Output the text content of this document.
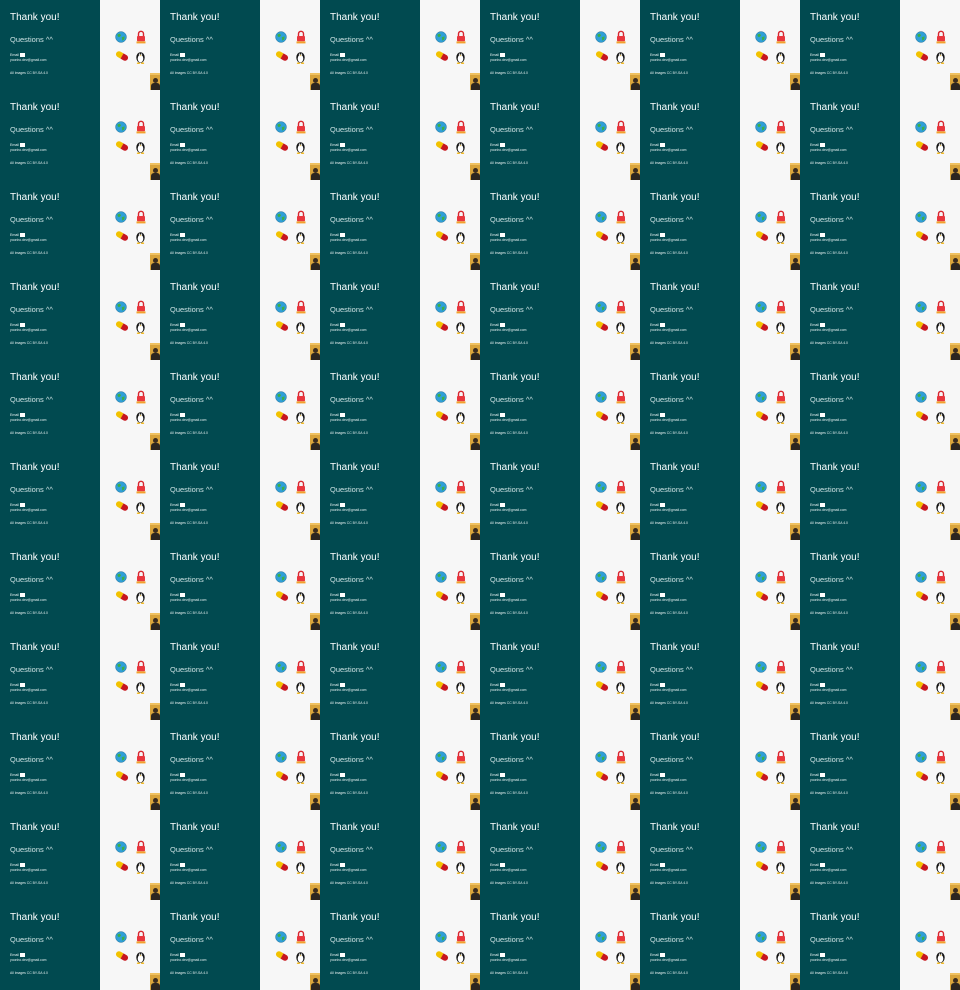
Thank you!
Questions ^^
Email
yoonho.dev@gmail.com
All Images CC BY-SA 4.0
Thank you!
Questions ^^
Email
yoonho.dev@gmail.com
All Images CC BY-SA 4.0
Thank you!
Questions ^^
Email
yoonho.dev@gmail.com
All Images CC BY-SA 4.0
Thank you!
Questions ^^
Email
yoonho.dev@gmail.com
All Images CC BY-SA 4.0
Thank you!
Questions ^^
Email
yoonho.dev@gmail.com
All Images CC BY-SA 4.0
Thank you!
Questions ^^
Email
yoonho.dev@gmail.com
All Images CC BY-SA 4.0
Thank you!
Questions ^^
Email
yoonho.dev@gmail.com
All Images CC BY-SA 4.0
Thank you!
Questions ^^
Email
yoonho.dev@gmail.com
All Images CC BY-SA 4.0
Thank you!
Questions ^^
Email
yoonho.dev@gmail.com
All Images CC BY-SA 4.0
Thank you!
Questions ^^
Email
yoonho.dev@gmail.com
All Images CC BY-SA 4.0
Thank you!
Questions ^^
Email
yoonho.dev@gmail.com
All Images CC BY-SA 4.0
Thank you!
Questions ^^
Email
yoonho.dev@gmail.com
All Images CC BY-SA 4.0
Thank you!
Questions ^^
Email
yoonho.dev@gmail.com
All Images CC BY-SA 4.0
Thank you!
Questions ^^
Email
yoonho.dev@gmail.com
All Images CC BY-SA 4.0
Thank you!
Questions ^^
Email
yoonho.dev@gmail.com
All Images CC BY-SA 4.0
Thank you!
Questions ^^
Email
yoonho.dev@gmail.com
All Images CC BY-SA 4.0
Thank you!
Questions ^^
Email
yoonho.dev@gmail.com
All Images CC BY-SA 4.0
Thank you!
Questions ^^
Email
yoonho.dev@gmail.com
All Images CC BY-SA 4.0
Thank you!
Questions ^^
Email
yoonho.dev@gmail.com
All Images CC BY-SA 4.0
Thank you!
Questions ^^
Email
yoonho.dev@gmail.com
All Images CC BY-SA 4.0
Thank you!
Questions ^^
Email
yoonho.dev@gmail.com
All Images CC BY-SA 4.0
Thank you!
Questions ^^
Email
yoonho.dev@gmail.com
All Images CC BY-SA 4.0
Thank you!
Questions ^^
Email
yoonho.dev@gmail.com
All Images CC BY-SA 4.0
Thank you!
Questions ^^
Email
yoonho.dev@gmail.com
All Images CC BY-SA 4.0
Thank you!
Questions ^^
Email
yoonho.dev@gmail.com
All Images CC BY-SA 4.0
Thank you!
Questions ^^
Email
yoonho.dev@gmail.com
All Images CC BY-SA 4.0
Thank you!
Questions ^^
Email
yoonho.dev@gmail.com
All Images CC BY-SA 4.0
Thank you!
Questions ^^
Email
yoonho.dev@gmail.com
All Images CC BY-SA 4.0
Thank you!
Questions ^^
Email
yoonho.dev@gmail.com
All Images CC BY-SA 4.0
Thank you!
Questions ^^
Email
yoonho.dev@gmail.com
All Images CC BY-SA 4.0
Thank you!
Questions ^^
Email
yoonho.dev@gmail.com
All Images CC BY-SA 4.0
Thank you!
Questions ^^
Email
yoonho.dev@gmail.com
All Images CC BY-SA 4.0
Thank you!
Questions ^^
Email
yoonho.dev@gmail.com
All Images CC BY-SA 4.0
Thank you!
Questions ^^
Email
yoonho.dev@gmail.com
All Images CC BY-SA 4.0
Thank you!
Questions ^^
Email
yoonho.dev@gmail.com
All Images CC BY-SA 4.0
Thank you!
Questions ^^
Email
yoonho.dev@gmail.com
All Images CC BY-SA 4.0
Thank you!
Questions ^^
Email
yoonho.dev@gmail.com
All Images CC BY-SA 4.0
Thank you!
Questions ^^
Email
yoonho.dev@gmail.com
All Images CC BY-SA 4.0
Thank you!
Questions ^^
Email
yoonho.dev@gmail.com
All Images CC BY-SA 4.0
Thank you!
Questions ^^
Email
yoonho.dev@gmail.com
All Images CC BY-SA 4.0
Thank you!
Questions ^^
Email
yoonho.dev@gmail.com
All Images CC BY-SA 4.0
Thank you!
Questions ^^
Email
yoonho.dev@gmail.com
All Images CC BY-SA 4.0
Thank you!
Questions ^^
Email
yoonho.dev@gmail.com
All Images CC BY-SA 4.0
Thank you!
Questions ^^
Email
yoonho.dev@gmail.com
All Images CC BY-SA 4.0
Thank you!
Questions ^^
Email
yoonho.dev@gmail.com
All Images CC BY-SA 4.0
Thank you!
Questions ^^
Email
yoonho.dev@gmail.com
All Images CC BY-SA 4.0
Thank you!
Questions ^^
Email
yoonho.dev@gmail.com
All Images CC BY-SA 4.0
Thank you!
Questions ^^
Email
yoonho.dev@gmail.com
All Images CC BY-SA 4.0
Thank you!
Questions ^^
Email
yoonho.dev@gmail.com
All Images CC BY-SA 4.0
Thank you!
Questions ^^
Email
yoonho.dev@gmail.com
All Images CC BY-SA 4.0
Thank you!
Questions ^^
Email
yoonho.dev@gmail.com
All Images CC BY-SA 4.0
Thank you!
Questions ^^
Email
yoonho.dev@gmail.com
All Images CC BY-SA 4.0
Thank you!
Questions ^^
Email
yoonho.dev@gmail.com
All Images CC BY-SA 4.0
Thank you!
Questions ^^
Email
yoonho.dev@gmail.com
All Images CC BY-SA 4.0
Thank you!
Questions ^^
Email
yoonho.dev@gmail.com
All Images CC BY-SA 4.0
Thank you!
Questions ^^
Email
yoonho.dev@gmail.com
All Images CC BY-SA 4.0
Thank you!
Questions ^^
Email
yoonho.dev@gmail.com
All Images CC BY-SA 4.0
Thank you!
Questions ^^
Email
yoonho.dev@gmail.com
All Images CC BY-SA 4.0
Thank you!
Questions ^^
Email
yoonho.dev@gmail.com
All Images CC BY-SA 4.0
Thank you!
Questions ^^
Email
yoonho.dev@gmail.com
All Images CC BY-SA 4.0
Thank you!
Questions ^^
Email
yoonho.dev@gmail.com
All Images CC BY-SA 4.0
Thank you!
Questions ^^
Email
yoonho.dev@gmail.com
All Images CC BY-SA 4.0
Thank you!
Questions ^^
Email
yoonho.dev@gmail.com
All Images CC BY-SA 4.0
Thank you!
Questions ^^
Email
yoonho.dev@gmail.com
All Images CC BY-SA 4.0
Thank you!
Questions ^^
Email
yoonho.dev@gmail.com
All Images CC BY-SA 4.0
Thank you!
Questions ^^
Email
yoonho.dev@gmail.com
All Images CC BY-SA 4.0
